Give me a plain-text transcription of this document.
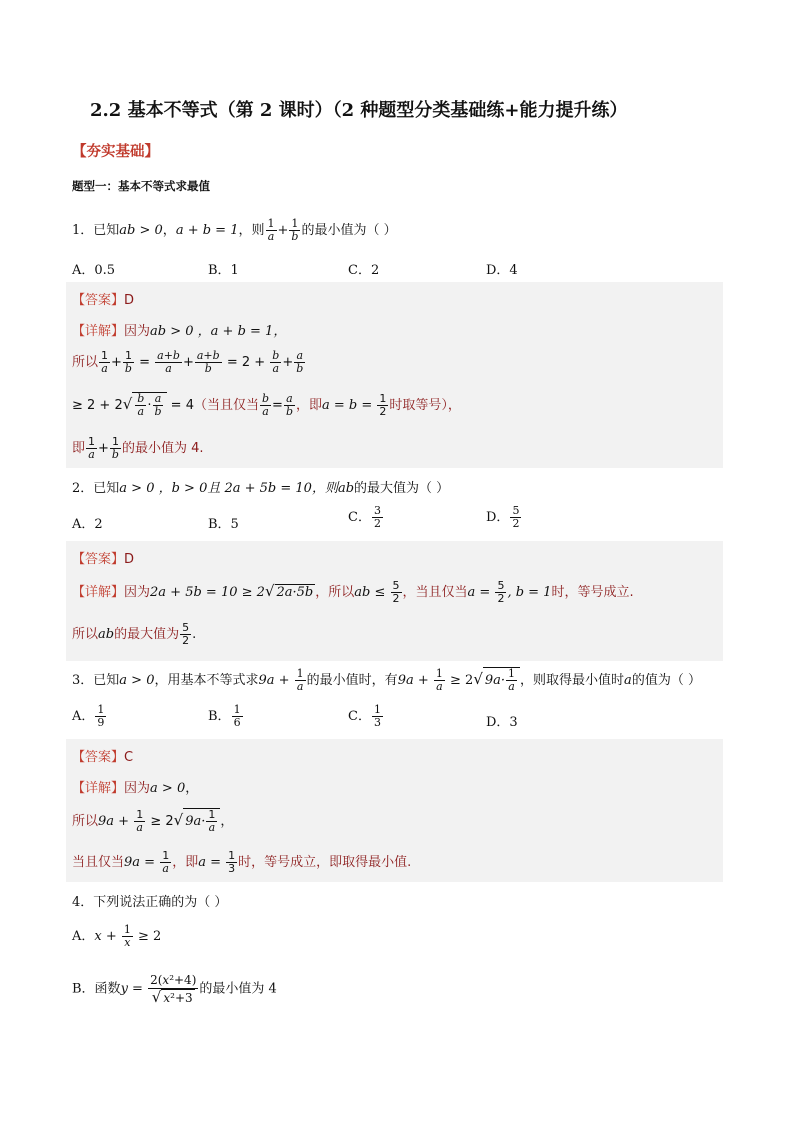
2.2 基本不等式（第 2 课时）（2 种题型分类基础练+能力提升练）
【夯实基础】
题型一：基本不等式求最值
1．已知ab > 0，a + b = 1，则 $\frac{1}{a} + \frac{1}{b}$ 的最小值为（ ）
A．0.5	B．1	C．2	D．4
【答案】D
【详解】因为ab > 0 ，a + b = 1，
所以 $\frac{1}{a} + \frac{1}{b} = \frac{a+b}{a} + \frac{a+b}{b} = 2 + \frac{b}{a} + \frac{a}{b}$
≥ $2 + 2√ \frac{b}{a} \cdot \frac{a}{b} = 4$（当且仅当 $\frac{b}{a} = \frac{a}{b}$ ，即$a = b = \frac{1}{2}$ 时取等号），
即 $\frac{1}{a} + \frac{1}{b}$ 的最小值为 4.
2．已知a > 0 ，b > 0且 2a + 5b = 10，则ab的最大值为（ ）
A．2	B．5	C． $\frac{3}{2}$	D． $\frac{5}{2}$
【答案】D
【详解】因为2a + 5b = 10 ≥ 2√ 2a·5b ，所以ab ≤ $\frac{5}{2}$ ，当且仅当$a = \frac{5}{2}$ , b = 1时，等号成立.
所以ab的最大值为 $\frac{5}{2}$ .
3．已知a > 0，用基本不等式求$9a + \frac{1}{a}$ 的最小值时，有$9a + \frac{1}{a} \ge 2√$ $9a\cdot \frac{1}{a}$ ，则取得最小值时a的值为（ ）
A． $\frac{1}{9}$	B． $\frac{1}{6}$	C． $\frac{1}{3}$	D．3
【答案】C
【详解】因为a > 0，
所以$9a + \frac{1}{a} \ge 2√$ $9a\cdot \frac{1}{a}$ ，
当且仅当$9a = \frac{1}{a}$ ，即$a = \frac{1}{3}$ 时，等号成立，即取得最小值.
4．下列说法正确的为（ ）
A．$x + \frac{1}{x} \ge 2$
B．函数$y = \frac{\text{2(x²+4)}}{\text{√ x²+3}}$ 的最小值为 4
